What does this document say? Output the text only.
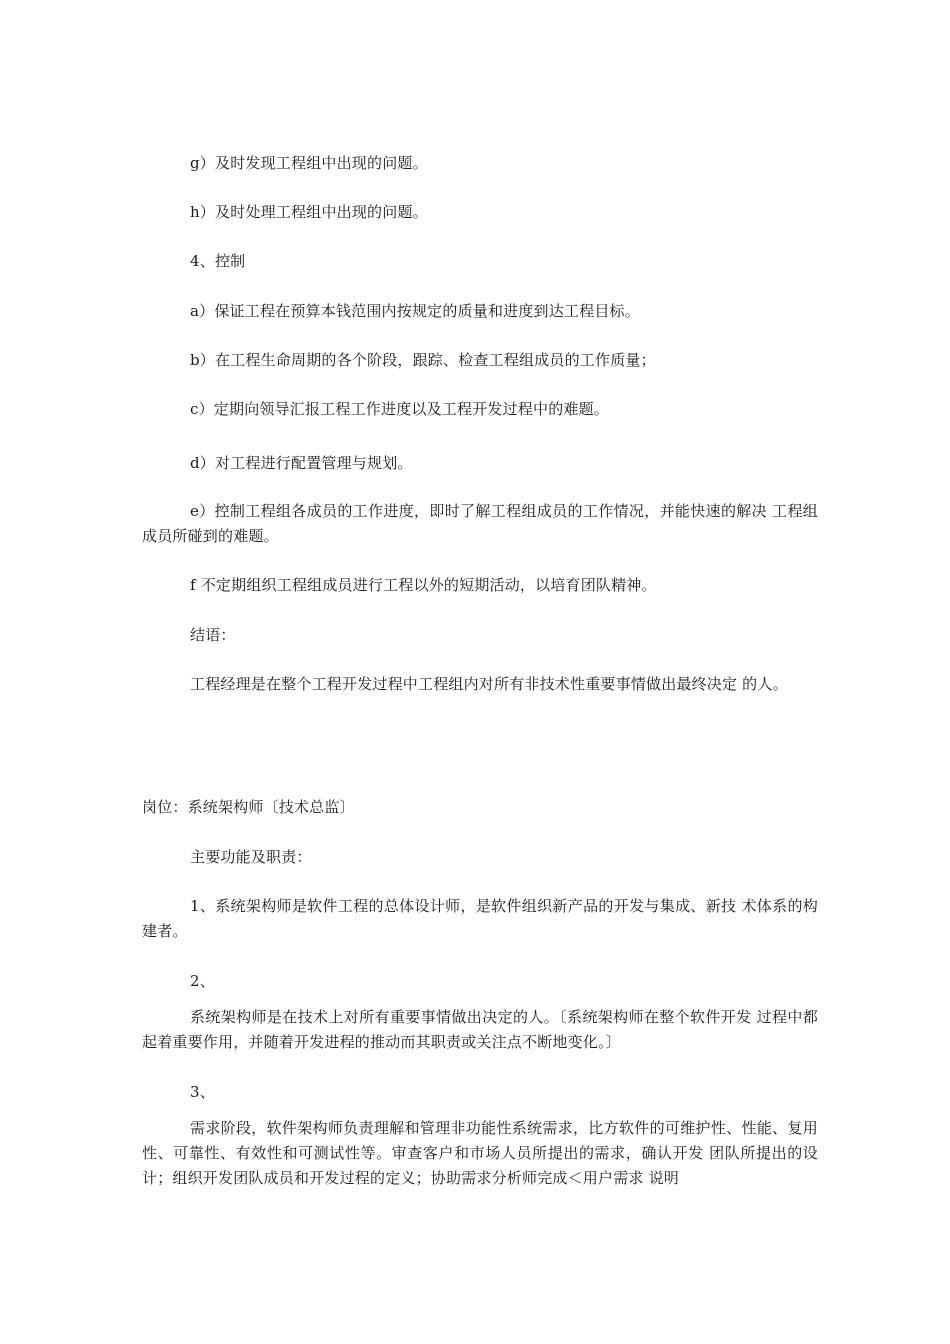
g）及时发现工程组中出现的问题。

h）及时处理工程组中出现的问题。

4、控制

a）保证工程在预算本钱范围内按规定的质量和进度到达工程目标。

b）在工程生命周期的各个阶段，跟踪、检查工程组成员的工作质量；

c）定期向领导汇报工程工作进度以及工程开发过程中的难题。

d）对工程进行配置管理与规划。

e）控制工程组各成员的工作进度，即时了解工程组成员的工作情况，并能快速的解决 工程组成员所碰到的难题。

f 不定期组织工程组成员进行工程以外的短期活动，以培育团队精神。

结语：

工程经理是在整个工程开发过程中工程组内对所有非技术性重要事情做出最终决定 的人。

岗位：系统架构师〔技术总监〕

主要功能及职责：

1、系统架构师是软件工程的总体设计师，是软件组织新产品的开发与集成、新技 术体系的构建者。

2、

系统架构师是在技术上对所有重要事情做出决定的人。〔系统架构师在整个软件开发 过程中都起着重要作用，并随着开发进程的推动而其职责或关注点不断地变化。〕

3、

需求阶段，软件架构师负责理解和管理非功能性系统需求，比方软件的可维护性、性能、复用性、可靠性、有效性和可测试性等。审查客户和市场人员所提出的需求，确认开发 团队所提出的设计；组织开发团队成员和开发过程的定义；协助需求分析师完成＜用户需求 说明
